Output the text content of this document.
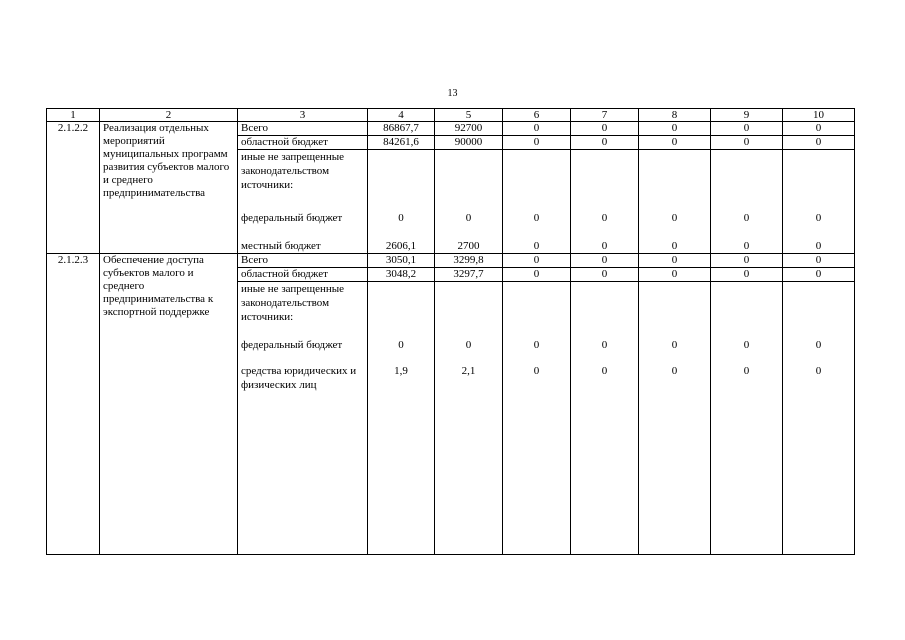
13
1	2	3	4	5	6	7	8	9	10
2.1.2.2	Реализация отдельных мероприятий муниципальных программ развития субъектов малого и среднего предпринимательства	Всего	86867,7	92700	0	0	0	0	0
		областной бюджет	84261,6	90000	0	0	0	0	0
		иные не запрещенные законодательством источники:							
		федеральный бюджет	0	0	0	0	0	0	0
		местный бюджет	2606,1	2700	0	0	0	0	0
2.1.2.3	Обеспечение доступа субъектов малого и среднего предпринимательства к экспортной поддержке	Всего	3050,1	3299,8	0	0	0	0	0
		областной бюджет	3048,2	3297,7	0	0	0	0	0
		иные не запрещенные законодательством источники:							
		федеральный бюджет	0	0	0	0	0	0	0
		средства юридических и физических лиц	1,9	2,1	0	0	0	0	0
